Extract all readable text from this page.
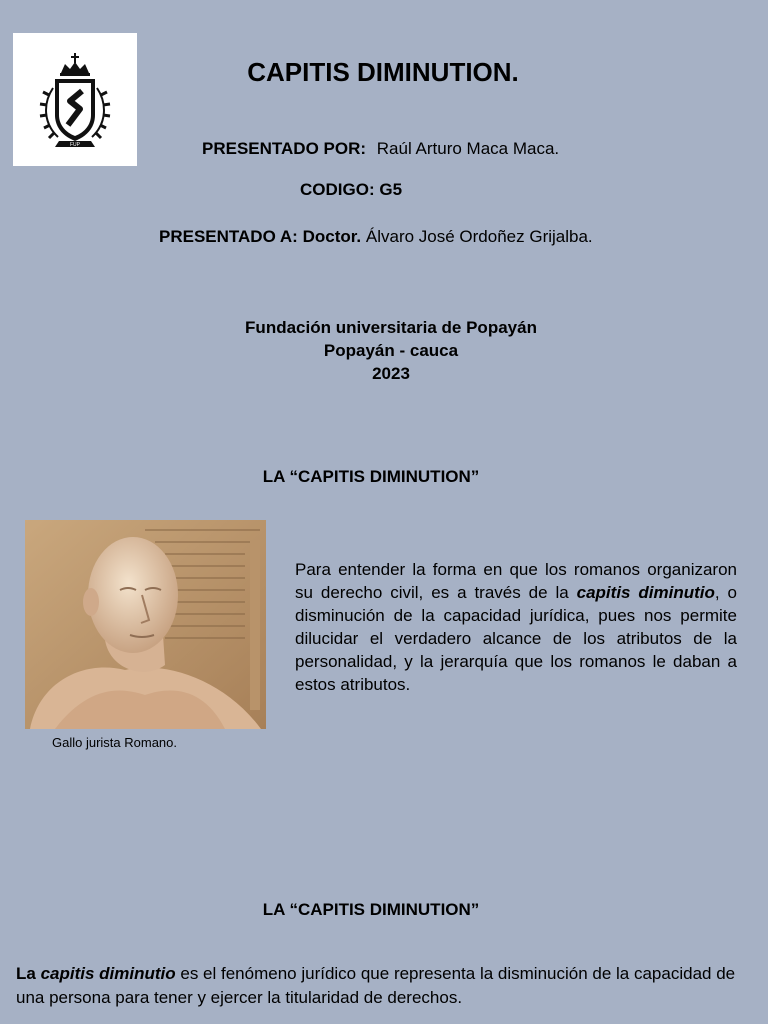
FUP
CAPITIS DIMINUTION.
PRESENTADO POR: Raúl Arturo Maca Maca.
CODIGO: G5
PRESENTADO A: Doctor. Álvaro José Ordoñez Grijalba.
Fundación universitaria de Popayán
Popayán - cauca
2023
LA “CAPITIS DIMINUTION”
Gallo jurista Romano.
Para entender la forma en que los romanos organizaron su derecho civil, es a través de la capitis diminutio, o disminución de la capacidad jurídica, pues nos permite dilucidar el verdadero alcance de los atributos de la personalidad, y la jerarquía que los romanos le daban a estos atributos.
LA “CAPITIS DIMINUTION”
La capitis diminutio es el fenómeno jurídico que representa la disminución de la capacidad de una persona para tener y ejercer la titularidad de derechos.
